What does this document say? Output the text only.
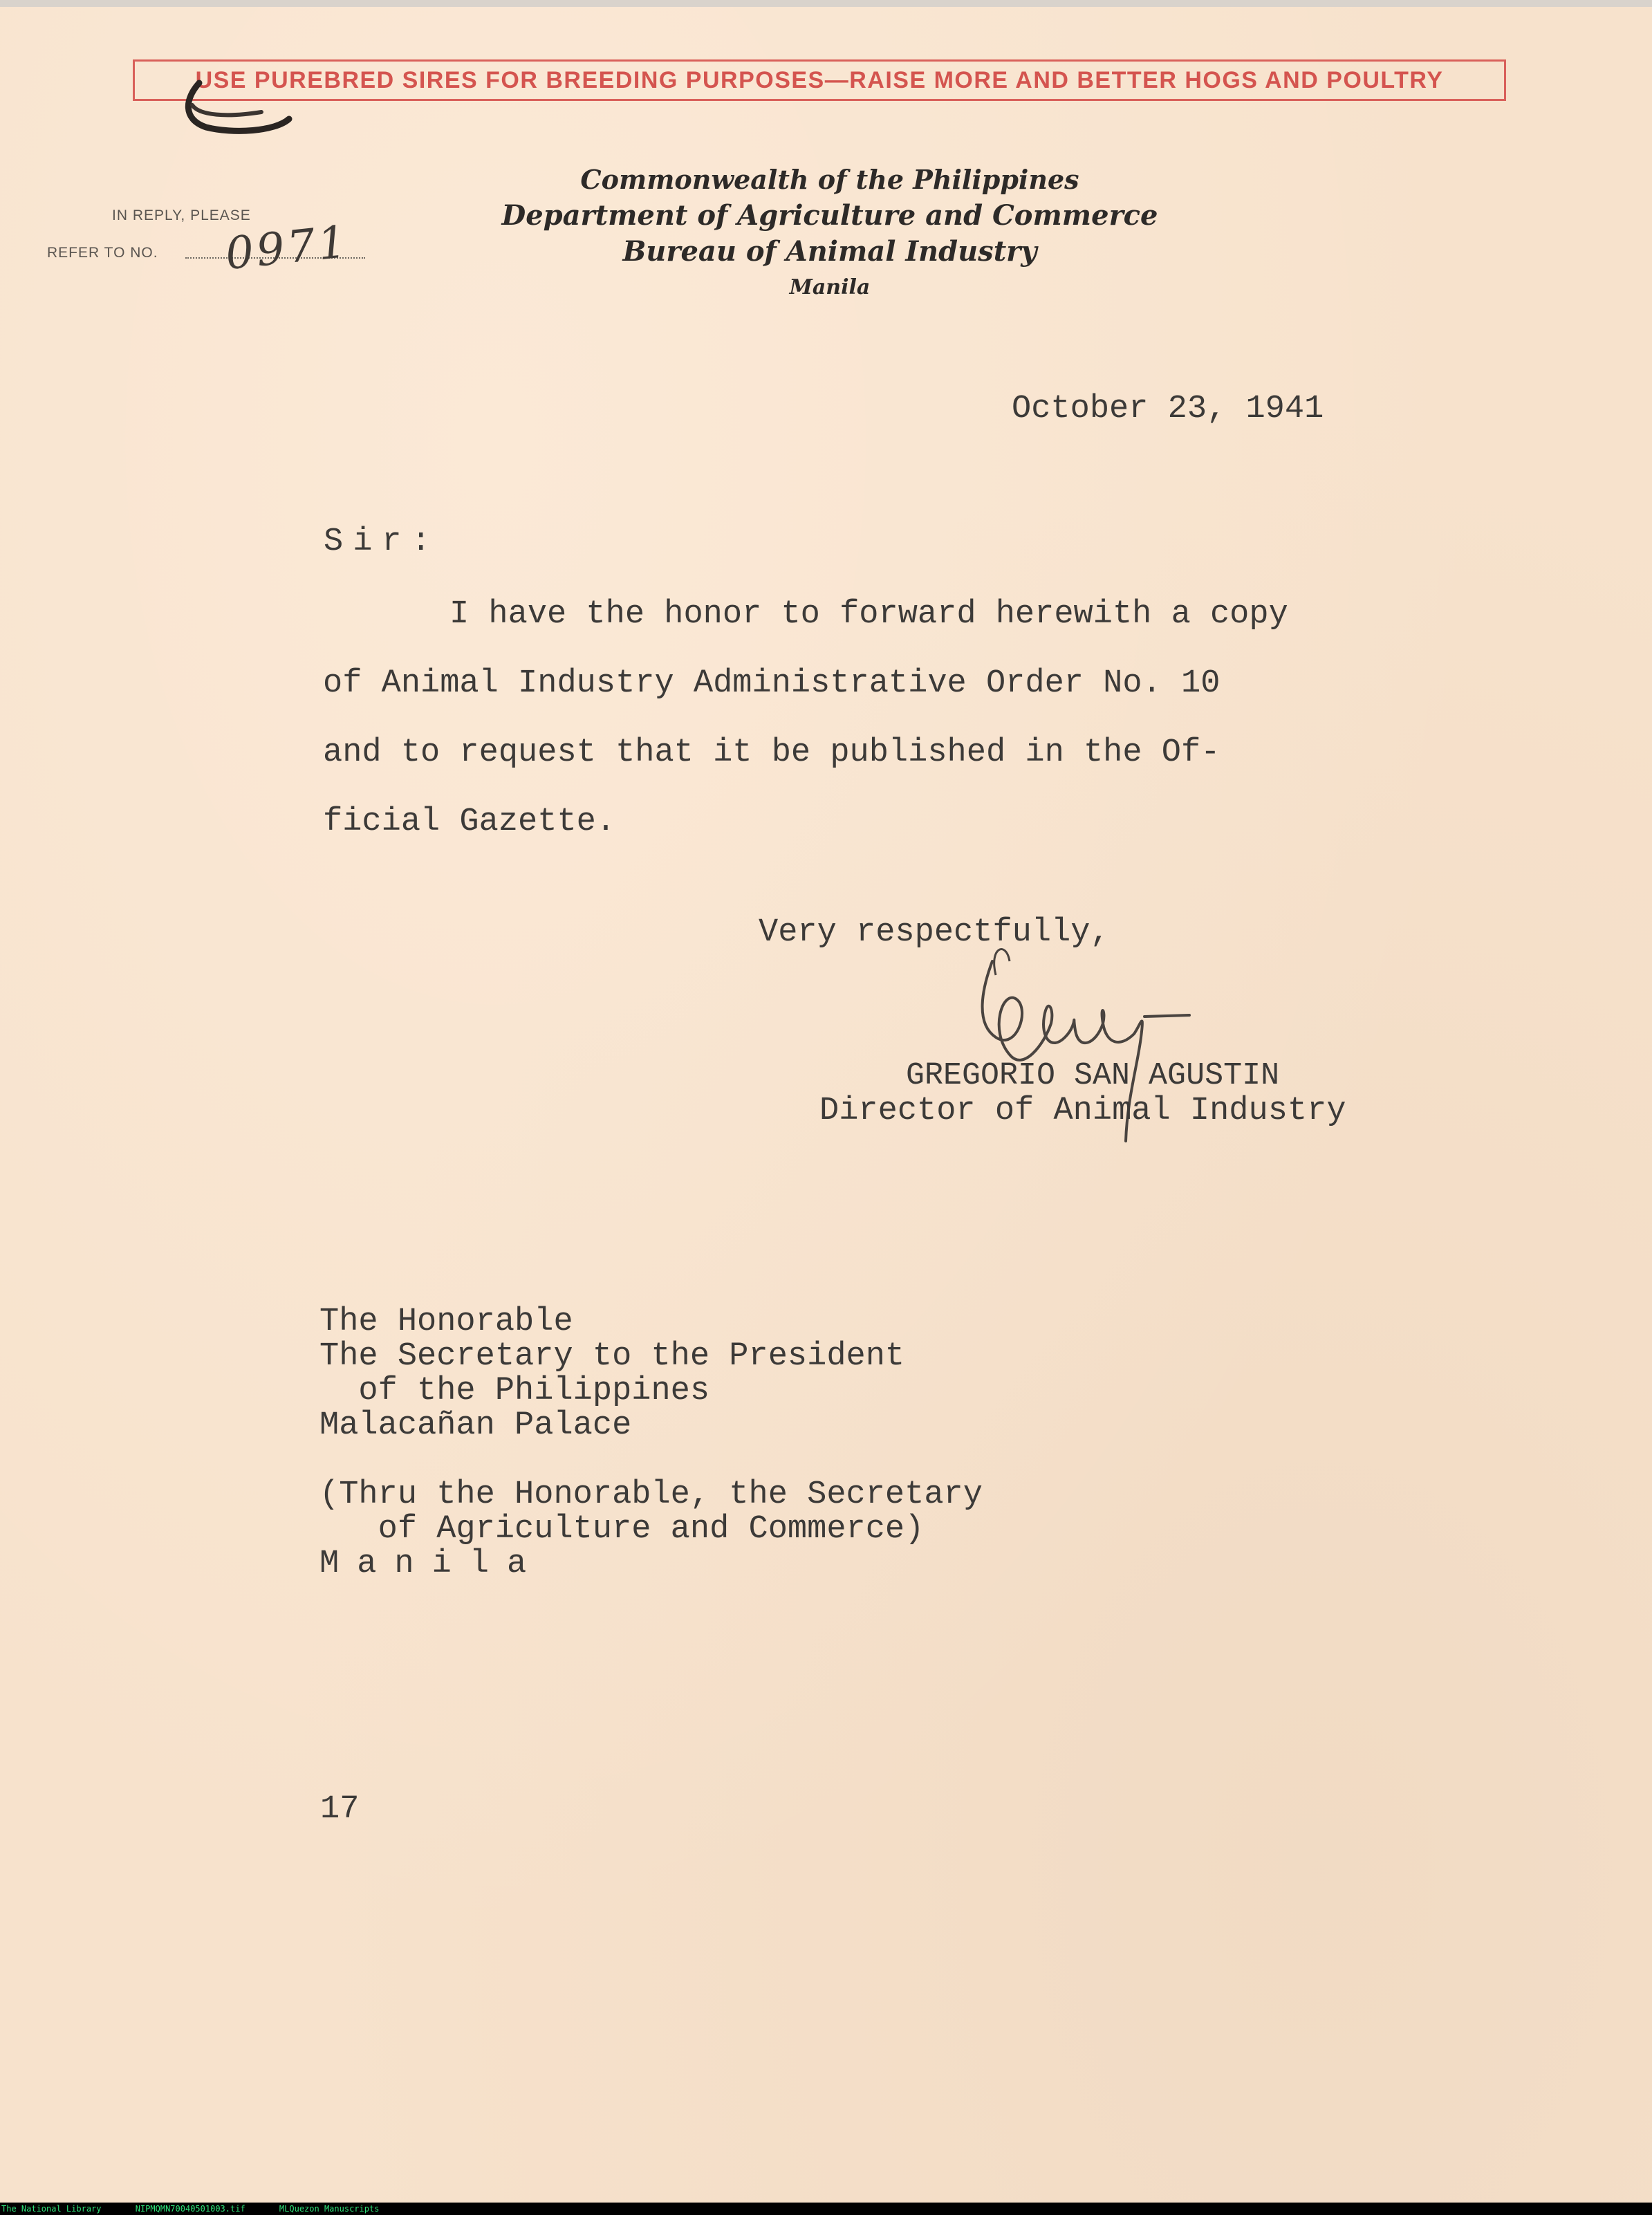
USE PUREBRED SIRES FOR BREEDING PURPOSES—RAISE MORE AND BETTER HOGS AND POULTRY
IN REPLY, PLEASE
REFER TO NO. 0971
Commonwealth of the Philippines
Department of Agriculture and Commerce
Bureau of Animal Industry
Manila
October 23, 1941
Sir:
I have the honor to forward herewith a copy
of Animal Industry Administrative Order No. 10
and to request that it be published in the Of-
ficial Gazette.
Very respectfully,
GREGORIO SAN AGUSTIN
Director of Animal Industry
The Honorable
The Secretary to the President
of the Philippines
Malacañan Palace
(Thru the Honorable, the Secretary
of Agriculture and Commerce)
Manila
17
The National Library	NIPMQMN70040501003.tif	MLQuezon Manuscripts
